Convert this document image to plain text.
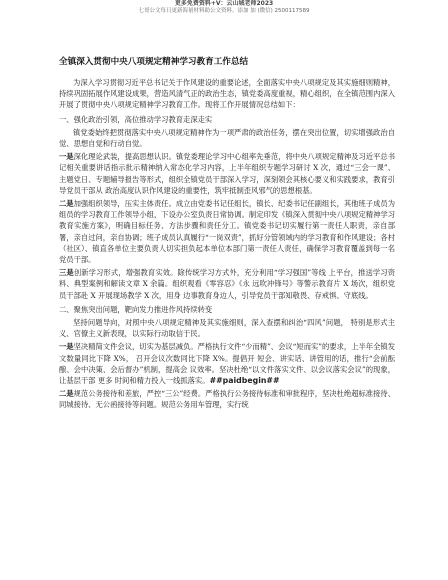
更多免费资料+V：云山城老师2023
七哥公文每日更新海量材料助公文资料。添加 加 (微信) 2500117589
全镇深入贯彻中央八项规定精神学习教育工作总结

为深入学习贯彻习近平总书记关于作风建设的重要论述，全面落实中央八项规定及其实施细则精神，持续巩固拓展作风建设成果，营造风清气正的政治生态，镇党委高度重视，精心组织，在全镇范围内深入开展了贯彻中央八项规定精神学习教育工作。现将工作开展情况总结如下：

一、强化政治引领，高位推动学习教育走深走实

镇党委始终把贯彻落实中央八项规定精神作为一项严肃的政治任务，摆在突出位置，切实增强政治自觉、思想自觉和行动自觉。

一是深化理论武装，提高思想认识。镇党委理论学习中心组率先垂范，将中央八项规定精神及习近平总书记相关重要讲话指示批示精神纳入常态化学习内容，上半年组织专题学习研讨 X 次，通过“三会一课”、主题党日、专题辅导报告等形式，组织全镇党员干部深入学习，深刻领会其核心要义和实践要求，教育引导党员干部从 政治高度认识作风建设的重要性，筑牢抵制歪风邪气的思想根基。

二是加强组织领导，压实主体责任。成立由党委书记任组长，镇长、纪委书记任副组长，其他班子成员为组员的学习教育工作领导小组，下设办公室负责日常协调。制定印发《镇深入贯彻中央八项规定精神学习教育实施方案》，明确目标任务、方法步骤和责任分工。镇党委书记切实履行第一责任人职责，亲自部署，亲自过问，亲自协调；班子成员认真履行“一岗双责”，抓好分管领域内的学习教育和作风建设；各村（社区）、镇直各单位主要负责人切实担负起本单位本部门第一责任人责任，确保学习教育覆盖到每一名党员干部。

三是创新学习形式，增强教育实效。除传统学习方式外，充分利用“学习强国”等线 上平台，推送学习资料、典型案例和解读文章 X 余篇。组织观看《零容忍》《永 远吹冲锋号》等警示教育片 X 场次，组织党员干部赴 X 开展现场教学 X 次，用身 边事教育身边人，引导党员干部知敬畏、存戒惧、守底线。

二、聚焦突出问题，靶向发力推进作风持续转变

坚持问题导向，对照中央八项规定精神及其实施细则，深入查摆和纠治“四风”问题， 特别是形式主义、官僚主义新表现，以实际行动取信于民。

一是坚决精简文件会议，切实为基层减负。严格执行文件“少而精”、会议“短而实”的要求，上半年全镇发文数量同比下降 X%， 召开会议次数同比下降 X%。提倡开 短会、讲实话、讲管用的话，推行“会前酝酿、会中决策、会后督办”机制，提高会 议效率。坚决杜绝“以文件落实文件、以会议落实会议”的现象，让基层干部 更多 时间和精力投入一线抓落实。##paidbegin##

二是规范公务接待和差旅，严控“三公”经费。严格执行公务接待标准和审批程序，坚决杜绝超标准接待、同城接待、无公函接待等问题。规范公务用车管理，实行统
